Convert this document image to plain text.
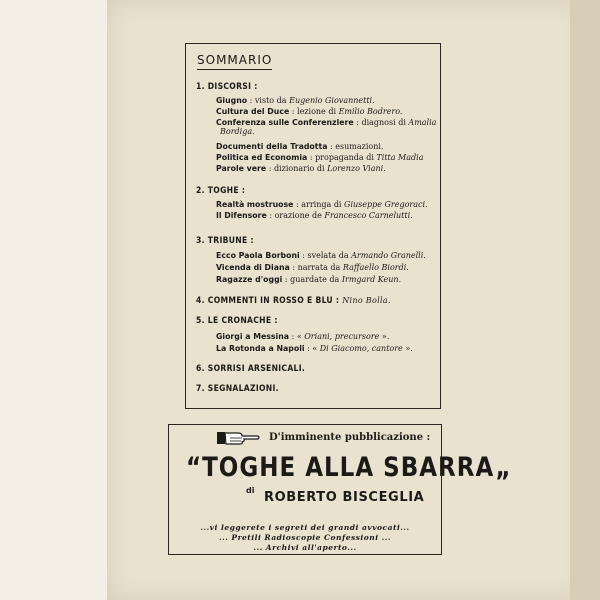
SOMMARIO
1. DISCORSI :
Giugno : visto da Eugenio Giovannetti.
Cultura del Duce : lezione di Emilio Bodrero.
Conferenza sulle Conferenzlere : diagnosi di Amalia
Bordiga.
Documenti della Tradotta : esumazioni.
Politica ed Economia : propaganda di Titta Madia
Parole vere : dizionario di Lorenzo Viani.
2. TOGHE :
Realtà mostruose : arringa di Giuseppe Gregoraci.
Il Difensore : orazione de Francesco Carnelutti.
3. TRIBUNE :
Ecco Paola Borboni : svelata da Armando Granelli.
Vicenda di Diana : narrata da Raffaello Biordi.
Ragazze d'oggi : guardate da Irmgard Keun.
4. COMMENTI IN ROSSO E BLU : Nino Bolla.
5. LE CRONACHE :
Giorgi a Messina : « Oriani, precursore ».
La Rotonda a Napoli : « Di Giacomo, cantore ».
6. SORRISI ARSENICALI.
7. SEGNALAZIONI.
D'imminente pubblicazione :
“TOGHE ALLA SBARRA„
di ROBERTO BISCEGLIA
...vi leggerete i segreti dei grandi avvocati...
... Pretili Radioscopie Confessioni ...
... Archivi all'aperto...
